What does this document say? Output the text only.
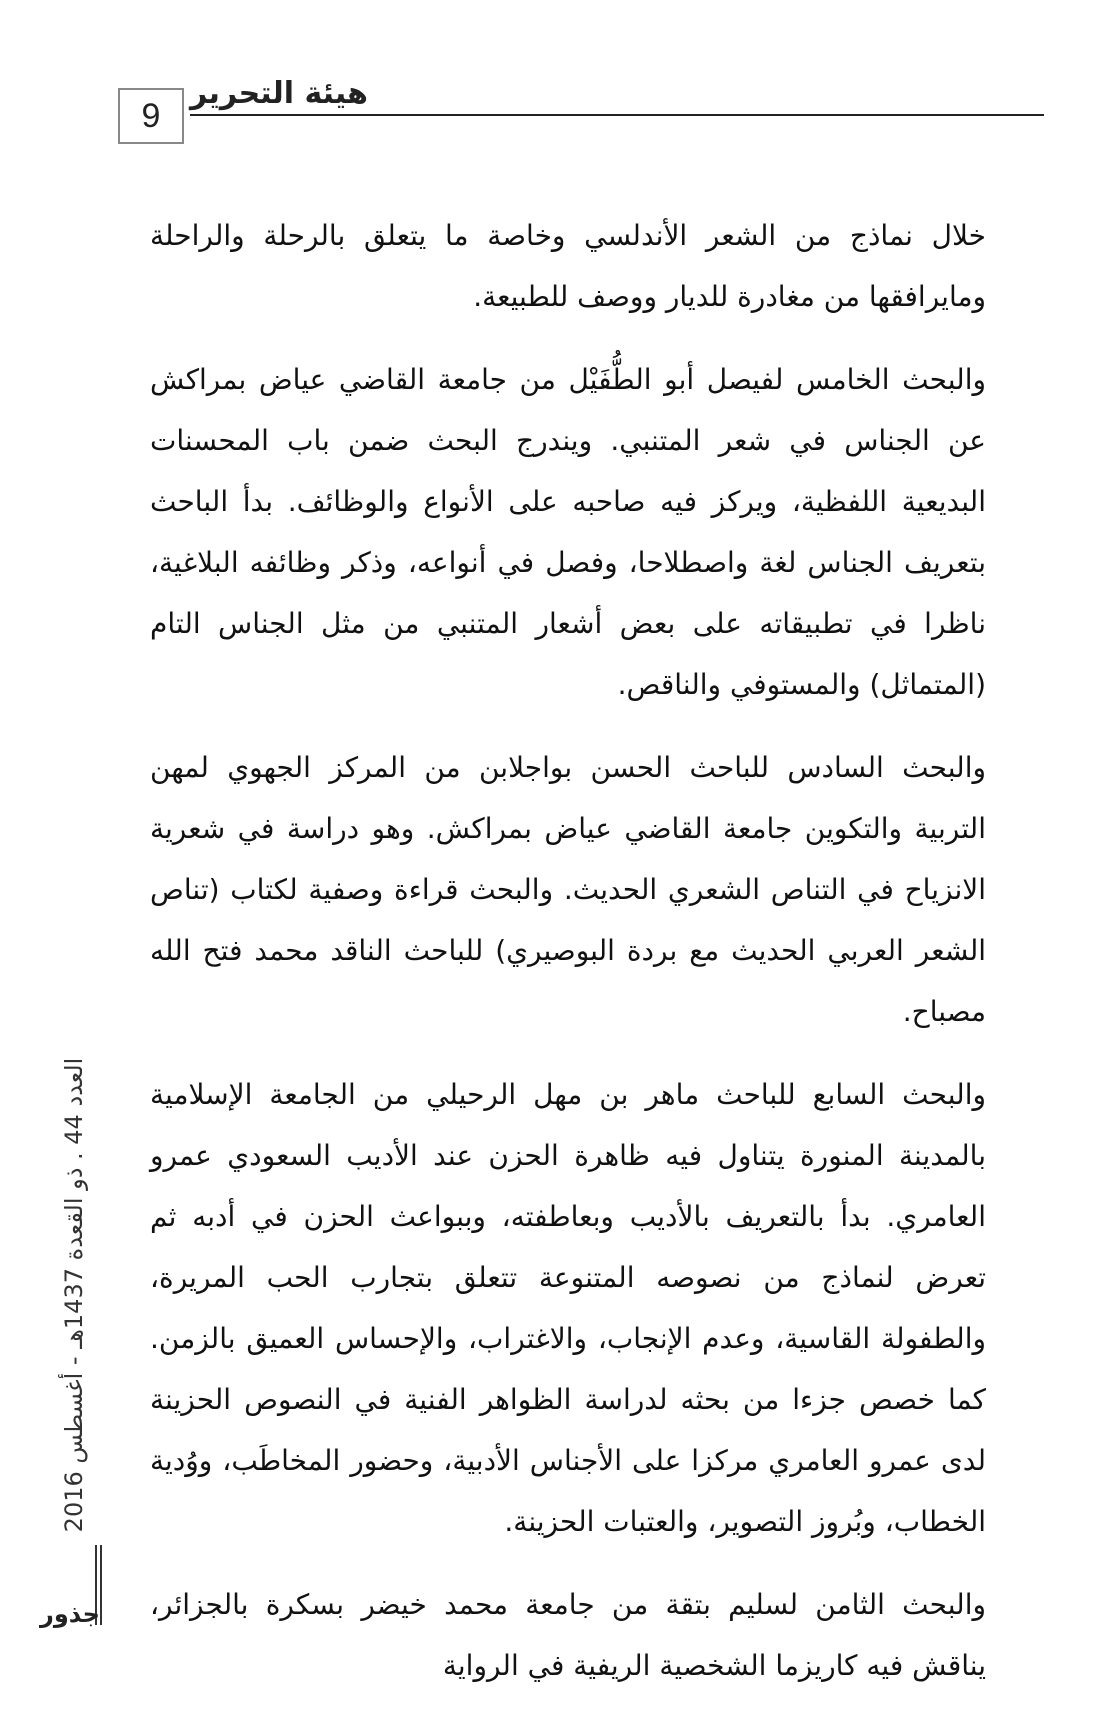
9
هيئة التحرير

خلال نماذج من الشعر الأندلسي وخاصة ما يتعلق بالرحلة والراحلة ومايرافقها من مغادرة للديار ووصف للطبيعة.

والبحث الخامس لفيصل أبو الطُّفَيْل من جامعة القاضي عياض بمراكش عن الجناس في شعر المتنبي. ويندرج البحث ضمن باب المحسنات البديعية اللفظية، ويركز فيه صاحبه على الأنواع والوظائف. بدأ الباحث بتعريف الجناس لغة واصطلاحا، وفصل في أنواعه، وذكر وظائفه البلاغية، ناظرا في تطبيقاته على بعض أشعار المتنبي من مثل الجناس التام (المتماثل) والمستوفي والناقص.

والبحث السادس للباحث الحسن بواجلابن من المركز الجهوي لمهن التربية والتكوين جامعة القاضي عياض بمراكش. وهو دراسة في شعرية الانزياح في التناص الشعري الحديث. والبحث قراءة وصفية لكتاب (تناص الشعر العربي الحديث مع بردة البوصيري) للباحث الناقد محمد فتح الله مصباح.

والبحث السابع للباحث ماهر بن مهل الرحيلي من الجامعة الإسلامية بالمدينة المنورة يتناول فيه ظاهرة الحزن عند الأديب السعودي عمرو العامري. بدأ بالتعريف بالأديب وبعاطفته، وببواعث الحزن في أدبه ثم تعرض لنماذج من نصوصه المتنوعة تتعلق بتجارب الحب المريرة، والطفولة القاسية، وعدم الإنجاب، والاغتراب، والإحساس العميق بالزمن. كما خصص جزءا من بحثه لدراسة الظواهر الفنية في النصوص الحزينة لدى عمرو العامري مركزا على الأجناس الأدبية، وحضور المخاطَب، ووُدية الخطاب، وبُروز التصوير، والعتبات الحزينة.

والبحث الثامن لسليم بتقة من جامعة محمد خيضر بسكرة بالجزائر، يناقش فيه كاريزما الشخصية الريفية في الرواية

العدد 44 . ذو القعدة 1437هـ - أغسطس 2016
جذور
